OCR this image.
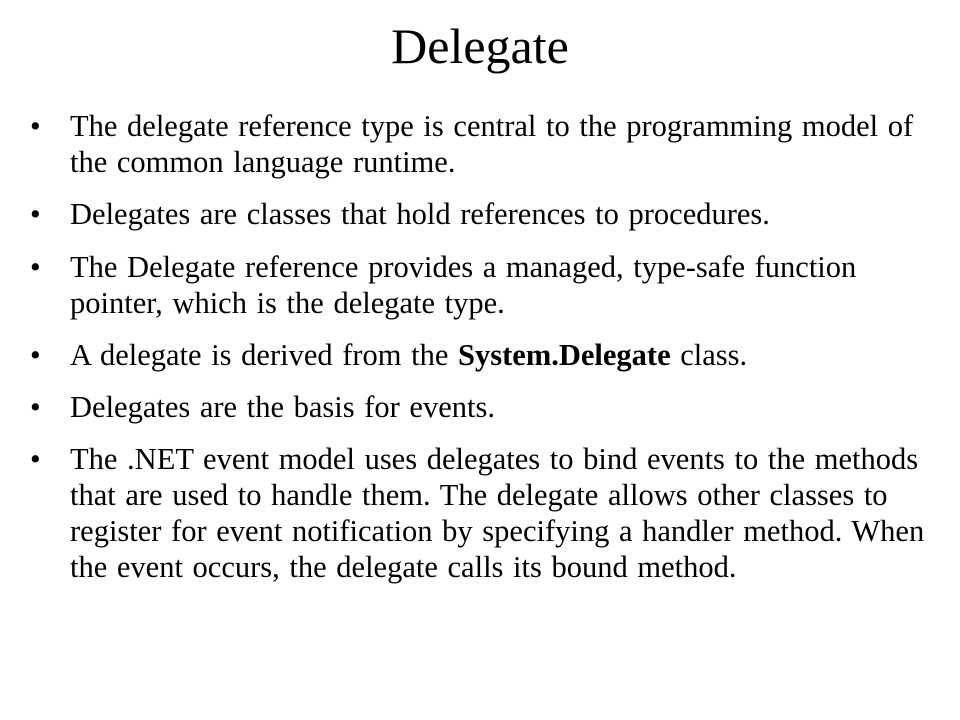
Delegate
• The delegate reference type is central to the programming model of the common language runtime.
• Delegates are classes that hold references to procedures.
• The Delegate reference provides a managed, type-safe function pointer, which is the delegate type.
• A delegate is derived from the System.Delegate class.
• Delegates are the basis for events.
• The .NET event model uses delegates to bind events to the methods that are used to handle them. The delegate allows other classes to register for event notification by specifying a handler method. When the event occurs, the delegate calls its bound method.
